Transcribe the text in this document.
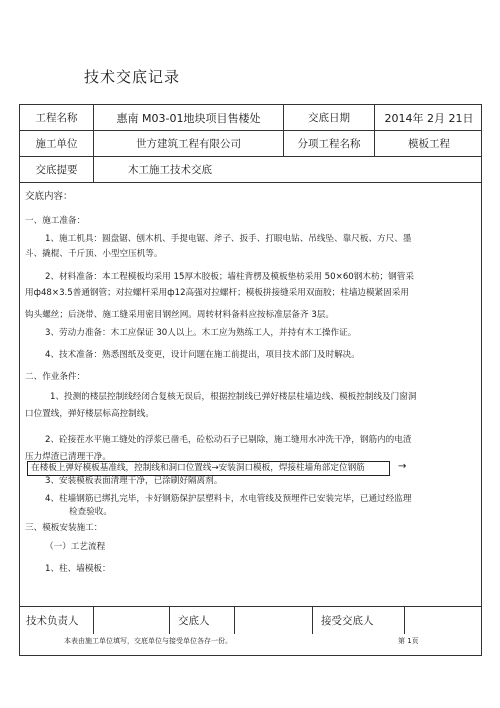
技术交底记录
工程名称	惠南 M03-01地块项目售楼处	交底日期	2014年 2月 21日
施工单位	世方建筑工程有限公司	分项工程名称	模板工程
交底提要	木工施工技术交底
交底内容：
一、施工准备：
1、施工机具：圆盘锯、刨木机、手提电锯、斧子、扳手、打眼电钻、吊线坠、靠尺板、方尺、墨
斗、撬棍、千斤顶、小型空压机等。
2、材料准备：本工程模板均采用 15厚木胶板；墙柱背楞及模板垫枋采用 50×60钢木枋；钢管采
用ф48×3.5普通钢管；对拉螺杆采用ф12高强对拉螺杆；模板拼接缝采用双面胶；柱墙边模紧固采用
钩头螺丝；后浇带、施工缝采用密目钢丝网。周转材料备料应按标准层备齐 3层。
3、劳动力准备：木工应保证 30人以上。木工应为熟练工人，并持有木工操作证。
4、技术准备：熟悉图纸及变更，设计问题在施工前提出，项目技术部门及时解决。
二、作业条件：
1、投测的楼层控制线经闭合复核无误后，根据控制线已弹好楼层柱墙边线、模板控制线及门窗洞
口位置线，弹好楼层标高控制线。
2、砼接茬水平施工缝处的浮浆已凿毛，砼松动石子已剔除，施工缝用水冲洗干净，钢筋内的电渣
压力焊渣已清理干净。
3、安装模板表面清理干净，已涂刷好隔离剂。
4、柱墙钢筋已绑扎完毕，卡好钢筋保护层塑料卡，水电管线及预埋件已安装完毕，已通过经监理
检查验收。
三、模板安装施工：
（一）工艺流程
1、柱、墙模板：
技术负责人	交底人	接受交底人
在楼板上弹好模板基准线，控制线和洞口位置线→安装洞口模板，焊接柱墙角部定位钢筋	→
本表由施工单位填写，交底单位与接受单位各存一份。	第 1页
